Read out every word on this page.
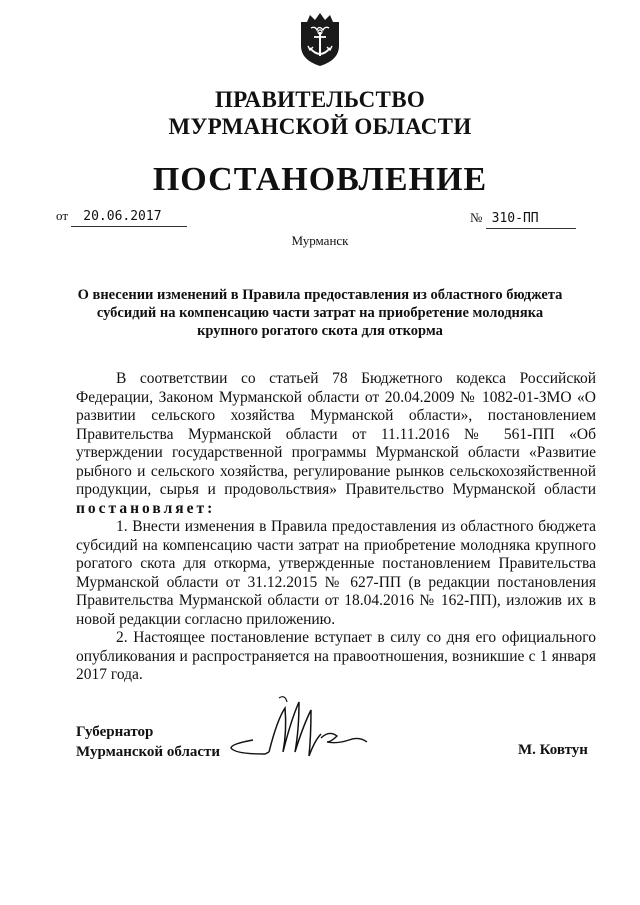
ПРАВИТЕЛЬСТВО
МУРМАНСКОЙ ОБЛАСТИ
ПОСТАНОВЛЕНИЕ
от 20.06.2017	№ 310-ПП
Мурманск
О внесении изменений в Правила предоставления из областного бюджета
субсидий на компенсацию части затрат на приобретение молодняка
крупного рогатого скота для откорма

В соответствии со статьей 78 Бюджетного кодекса Российской Федерации, Законом Мурманской области от 20.04.2009 № 1082-01-ЗМО «О развитии сельского хозяйства Мурманской области», постановлением Правительства Мурманской области от 11.11.2016 № 561-ПП «Об утверждении государственной программы Мурманской области «Развитие рыбного и сельского хозяйства, регулирование рынков сельскохозяйственной продукции, сырья и продовольствия» Правительство Мурманской области постановляет:

1. Внести изменения в Правила предоставления из областного бюджета субсидий на компенсацию части затрат на приобретение молодняка крупного рогатого скота для откорма, утвержденные постановлением Правительства Мурманской области от 31.12.2015 № 627-ПП (в редакции постановления Правительства Мурманской области от 18.04.2016 № 162-ПП), изложив их в новой редакции согласно приложению.

2. Настоящее постановление вступает в силу со дня его официального опубликования и распространяется на правоотношения, возникшие с 1 января 2017 года.

Губернатор
Мурманской области	М. Ковтун
